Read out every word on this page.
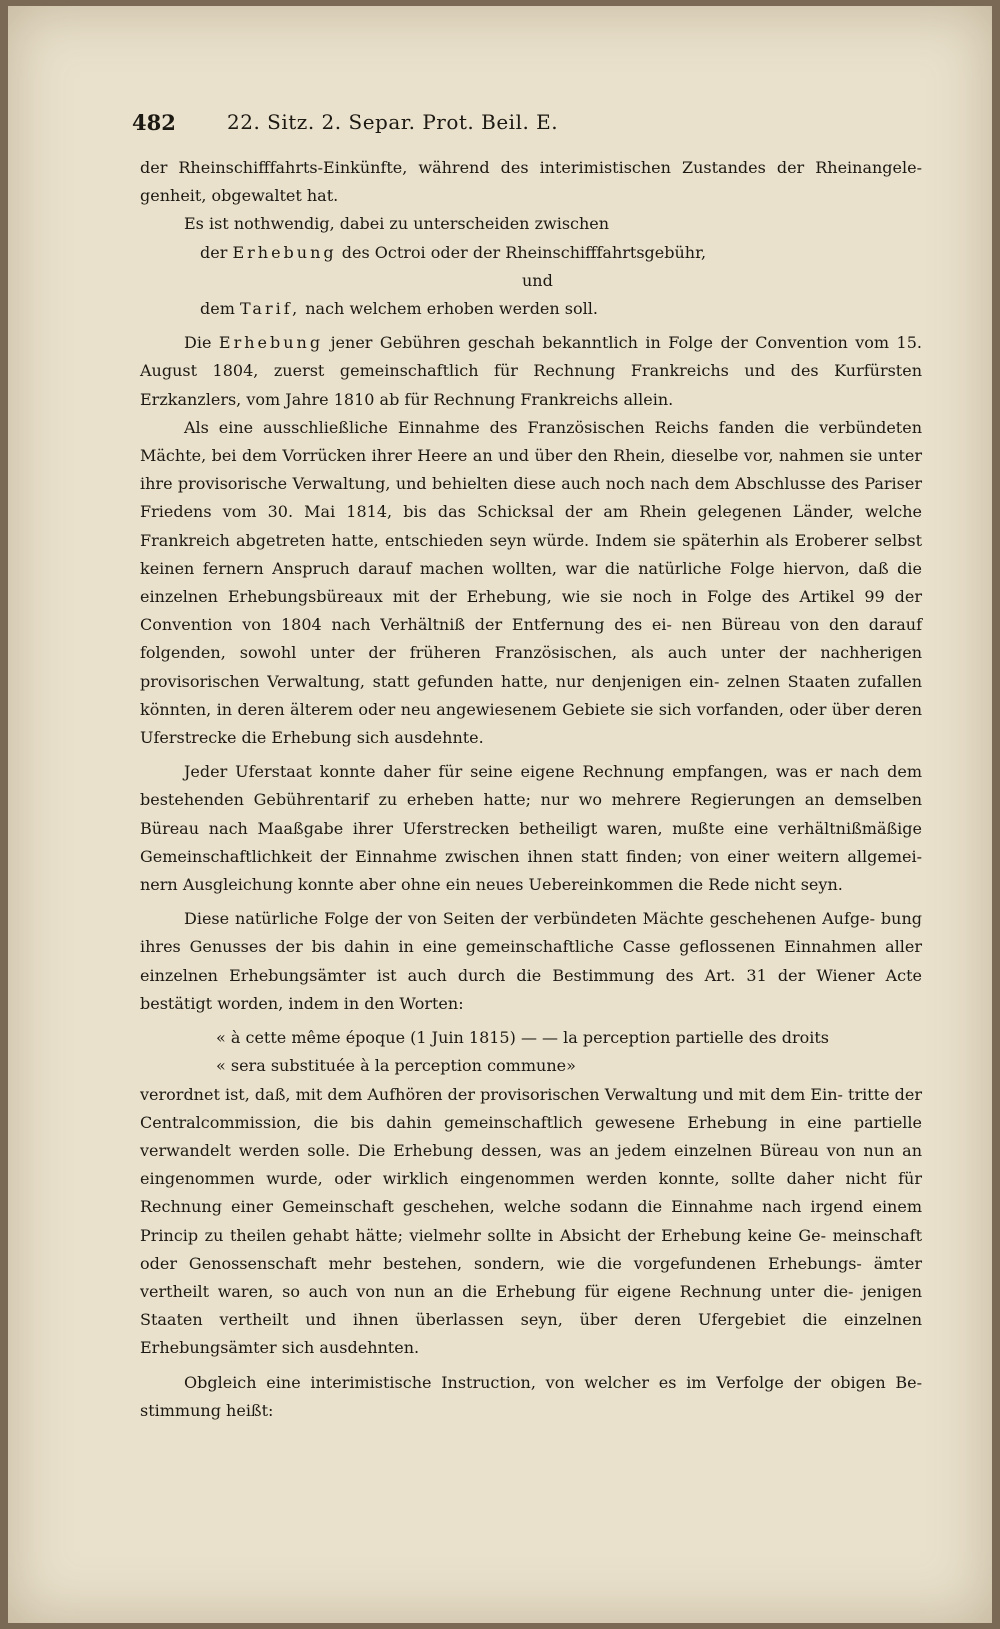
482	22. Sitz. 2. Separ. Prot. Beil. E.

der Rheinschifffahrts-Einkünfte, während des interimistischen Zustandes der Rheinangele- genheit, obgewaltet hat.

Es ist nothwendig, dabei zu unterscheiden zwischen

der Erhebung des Octroi oder der Rheinschifffahrtsgebühr,
und
dem Tarif, nach welchem erhoben werden soll.

Die Erhebung jener Gebühren geschah bekanntlich in Folge der Convention vom 15. August 1804, zuerst gemeinschaftlich für Rechnung Frankreichs und des Kurfürsten Erzkanzlers, vom Jahre 1810 ab für Rechnung Frankreichs allein.

Als eine ausschließliche Einnahme des Französischen Reichs fanden die verbündeten Mächte, bei dem Vorrücken ihrer Heere an und über den Rhein, dieselbe vor, nahmen sie unter ihre provisorische Verwaltung, und behielten diese auch noch nach dem Abschlusse des Pariser Friedens vom 30. Mai 1814, bis das Schicksal der am Rhein gelegenen Länder, welche Frankreich abgetreten hatte, entschieden seyn würde. Indem sie späterhin als Eroberer selbst keinen fernern Anspruch darauf machen wollten, war die natürliche Folge hiervon, daß die einzelnen Erhebungsbüreaux mit der Erhebung, wie sie noch in Folge des Artikel 99 der Convention von 1804 nach Verhältniß der Entfernung des ei- nen Büreau von den darauf folgenden, sowohl unter der früheren Französischen, als auch unter der nachherigen provisorischen Verwaltung, statt gefunden hatte, nur denjenigen ein- zelnen Staaten zufallen könnten, in deren älterem oder neu angewiesenem Gebiete sie sich vorfanden, oder über deren Uferstrecke die Erhebung sich ausdehnte.

Jeder Uferstaat konnte daher für seine eigene Rechnung empfangen, was er nach dem bestehenden Gebührentarif zu erheben hatte; nur wo mehrere Regierungen an demselben Büreau nach Maaßgabe ihrer Uferstrecken betheiligt waren, mußte eine verhältnißmäßige Gemeinschaftlichkeit der Einnahme zwischen ihnen statt finden; von einer weitern allgemei- nern Ausgleichung konnte aber ohne ein neues Uebereinkommen die Rede nicht seyn.

Diese natürliche Folge der von Seiten der verbündeten Mächte geschehenen Aufge- bung ihres Genusses der bis dahin in eine gemeinschaftliche Casse geflossenen Einnahmen aller einzelnen Erhebungsämter ist auch durch die Bestimmung des Art. 31 der Wiener Acte bestätigt worden, indem in den Worten:

« à cette même époque (1 Juin 1815) — — la perception partielle des droits
« sera substituée à la perception commune»

verordnet ist, daß, mit dem Aufhören der provisorischen Verwaltung und mit dem Ein- tritte der Centralcommission, die bis dahin gemeinschaftlich gewesene Erhebung in eine partielle verwandelt werden solle. Die Erhebung dessen, was an jedem einzelnen Büreau von nun an eingenommen wurde, oder wirklich eingenommen werden konnte, sollte daher nicht für Rechnung einer Gemeinschaft geschehen, welche sodann die Einnahme nach irgend einem Princip zu theilen gehabt hätte; vielmehr sollte in Absicht der Erhebung keine Ge- meinschaft oder Genossenschaft mehr bestehen, sondern, wie die vorgefundenen Erhebungs- ämter vertheilt waren, so auch von nun an die Erhebung für eigene Rechnung unter die- jenigen Staaten vertheilt und ihnen überlassen seyn, über deren Ufergebiet die einzelnen Erhebungsämter sich ausdehnten.

Obgleich eine interimistische Instruction, von welcher es im Verfolge der obigen Be- stimmung heißt:
